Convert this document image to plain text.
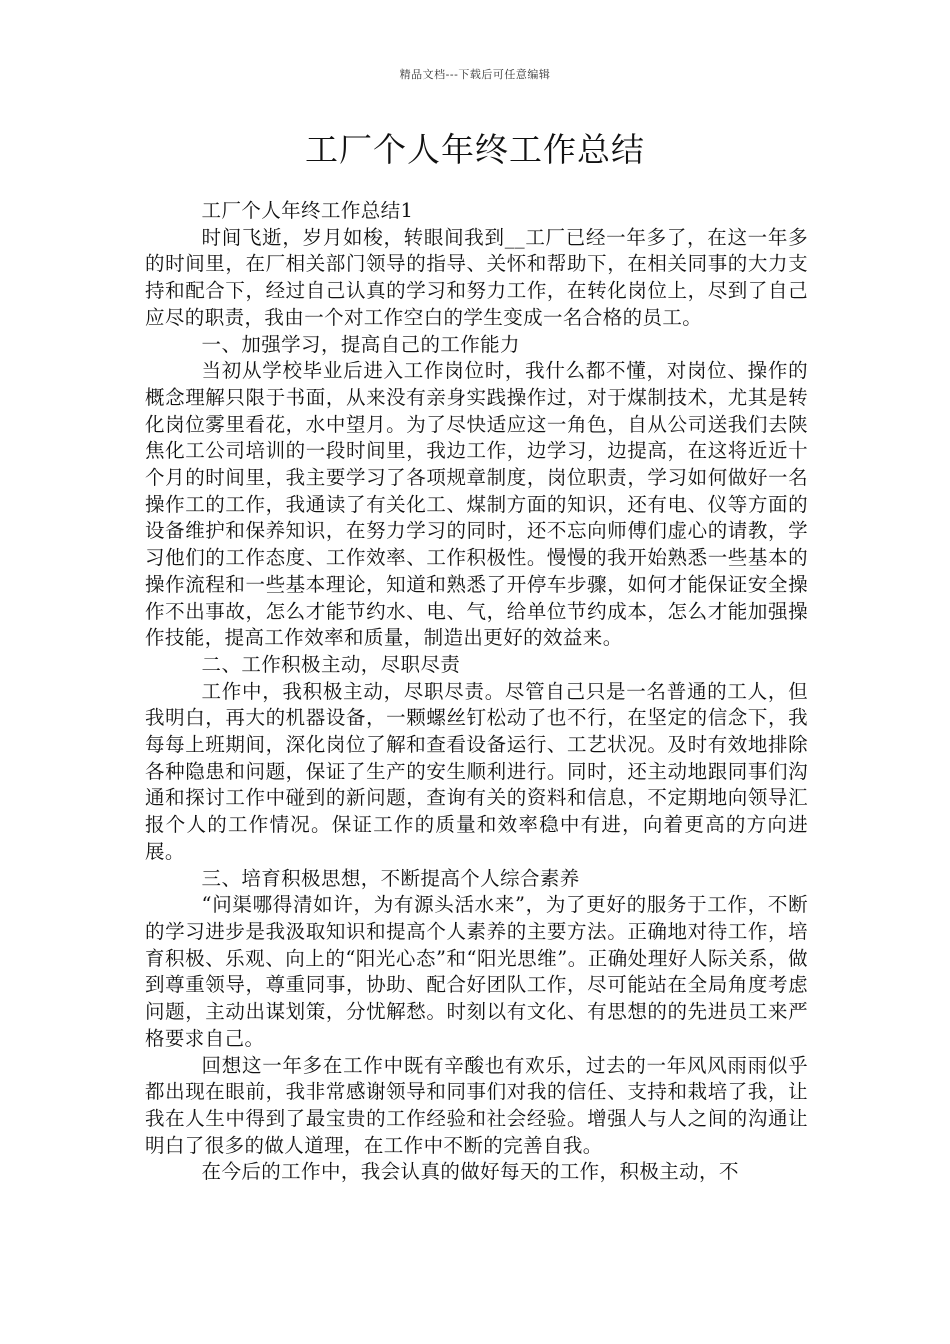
精品文档---下载后可任意编辑
工厂个人年终工作总结

工厂个人年终工作总结1

时间飞逝，岁月如梭，转眼间我到__工厂已经一年多了，在这一年多的时间里，在厂相关部门领导的指导、关怀和帮助下，在相关同事的大力支持和配合下，经过自己认真的学习和努力工作，在转化岗位上，尽到了自己应尽的职责，我由一个对工作空白的学生变成一名合格的员工。

一、加强学习，提高自己的工作能力

当初从学校毕业后进入工作岗位时，我什么都不懂，对岗位、操作的概念理解只限于书面，从来没有亲身实践操作过，对于煤制技术，尤其是转化岗位雾里看花，水中望月。为了尽快适应这一角色，自从公司送我们去陕焦化工公司培训的一段时间里，我边工作，边学习，边提高，在这将近近十个月的时间里，我主要学习了各项规章制度，岗位职责，学习如何做好一名操作工的工作，我通读了有关化工、煤制方面的知识，还有电、仪等方面的设备维护和保养知识，在努力学习的同时，还不忘向师傅们虚心的请教，学习他们的工作态度、工作效率、工作积极性。慢慢的我开始熟悉一些基本的操作流程和一些基本理论，知道和熟悉了开停车步骤，如何才能保证安全操作不出事故，怎么才能节约水、电、气，给单位节约成本，怎么才能加强操作技能，提高工作效率和质量，制造出更好的效益来。

二、工作积极主动，尽职尽责

工作中，我积极主动，尽职尽责。尽管自己只是一名普通的工人，但我明白，再大的机器设备，一颗螺丝钉松动了也不行，在坚定的信念下，我每每上班期间，深化岗位了解和查看设备运行、工艺状况。及时有效地排除各种隐患和问题，保证了生产的安生顺利进行。同时，还主动地跟同事们沟通和探讨工作中碰到的新问题，查询有关的资料和信息，不定期地向领导汇报个人的工作情况。保证工作的质量和效率稳中有进，向着更高的方向进展。

三、培育积极思想，不断提高个人综合素养

“问渠哪得清如许，为有源头活水来”，为了更好的服务于工作，不断的学习进步是我汲取知识和提高个人素养的主要方法。正确地对待工作，培育积极、乐观、向上的“阳光心态”和“阳光思维”。正确处理好人际关系，做到尊重领导，尊重同事，协助、配合好团队工作，尽可能站在全局角度考虑问题，主动出谋划策，分忧解愁。时刻以有文化、有思想的的先进员工来严格要求自己。

回想这一年多在工作中既有辛酸也有欢乐，过去的一年风风雨雨似乎都出现在眼前，我非常感谢领导和同事们对我的信任、支持和栽培了我，让我在人生中得到了最宝贵的工作经验和社会经验。增强人与人之间的沟通让明白了很多的做人道理，在工作中不断的完善自我。

在今后的工作中，我会认真的做好每天的工作，积极主动，不
